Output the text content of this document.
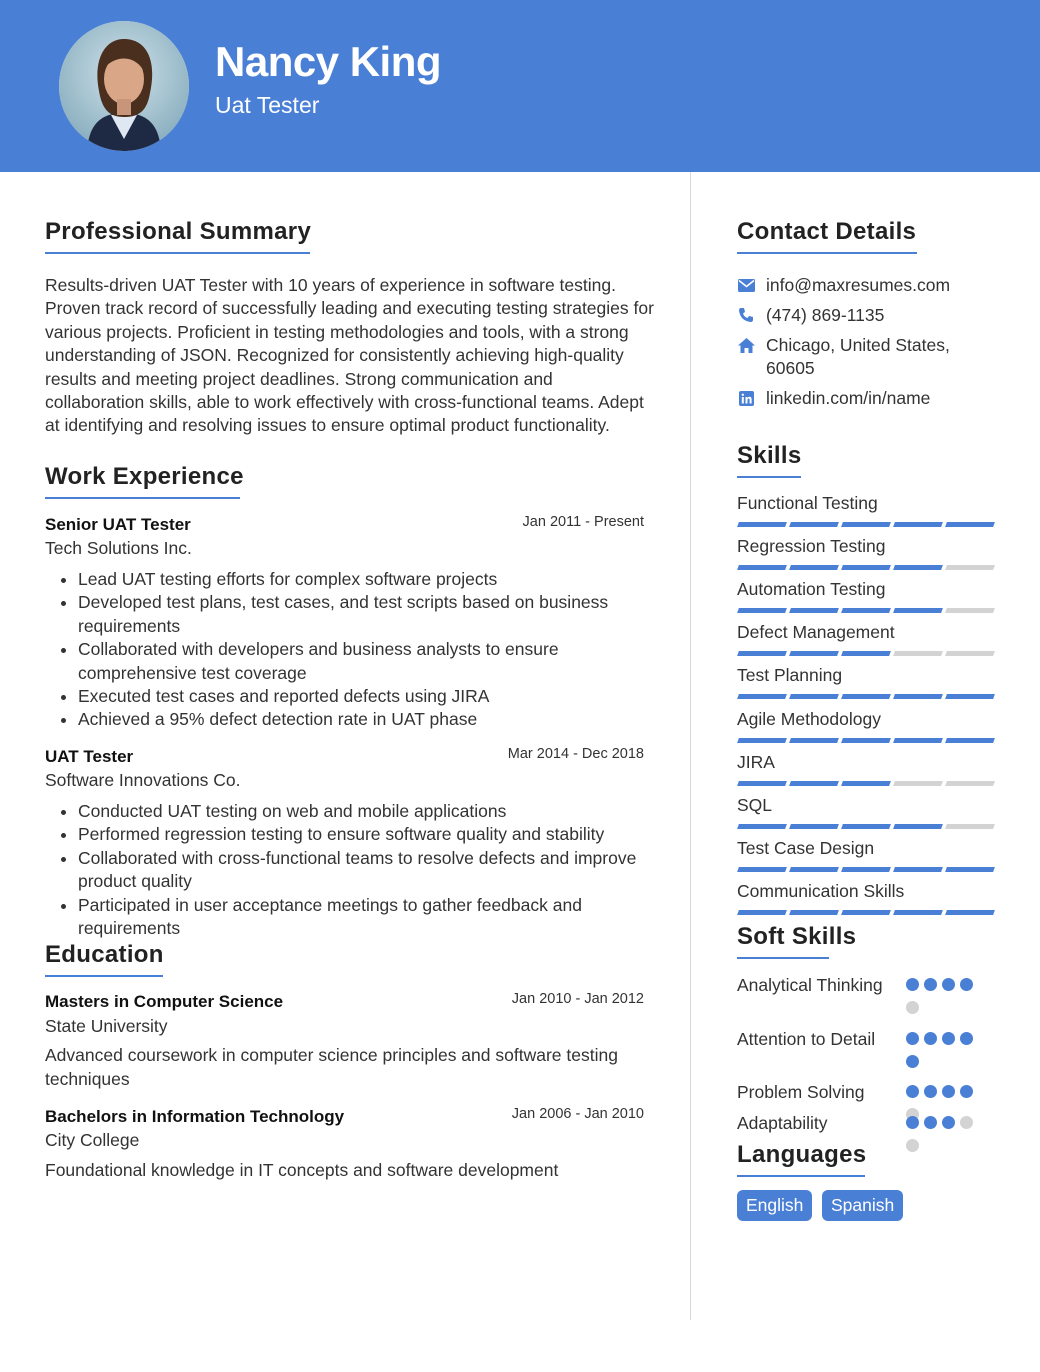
Nancy King
Uat Tester
Professional Summary

Results-driven UAT Tester with 10 years of experience in software testing. Proven track record of successfully leading and executing testing strategies for various projects. Proficient in testing methodologies and tools, with a strong understanding of JSON. Recognized for consistently achieving high-quality results and meeting project deadlines. Strong communication and collaboration skills, able to work effectively with cross-functional teams. Adept at identifying and resolving issues to ensure optimal product functionality.

Work Experience
Senior UAT Tester	Jan 2011 - Present
Tech Solutions Inc.
• Lead UAT testing efforts for complex software projects
• Developed test plans, test cases, and test scripts based on business requirements
• Collaborated with developers and business analysts to ensure comprehensive test coverage
• Executed test cases and reported defects using JIRA
• Achieved a 95% defect detection rate in UAT phase
UAT Tester	Mar 2014 - Dec 2018
Software Innovations Co.
• Conducted UAT testing on web and mobile applications
• Performed regression testing to ensure software quality and stability
• Collaborated with cross-functional teams to resolve defects and improve product quality
• Participated in user acceptance meetings to gather feedback and requirements
Education
Masters in Computer Science	Jan 2010 - Jan 2012
State University
Advanced coursework in computer science principles and software testing techniques
Bachelors in Information Technology	Jan 2006 - Jan 2010
City College
Foundational knowledge in IT concepts and software development
Contact Details
info@maxresumes.com
(474) 869-1135
Chicago, United States, 60605
linkedin.com/in/name
Skills
Functional Testing
Regression Testing
Automation Testing
Defect Management
Test Planning
Agile Methodology
JIRA
SQL
Test Case Design
Communication Skills
Soft Skills
Analytical Thinking
Attention to Detail
Problem Solving
Adaptability
Languages
English	Spanish
